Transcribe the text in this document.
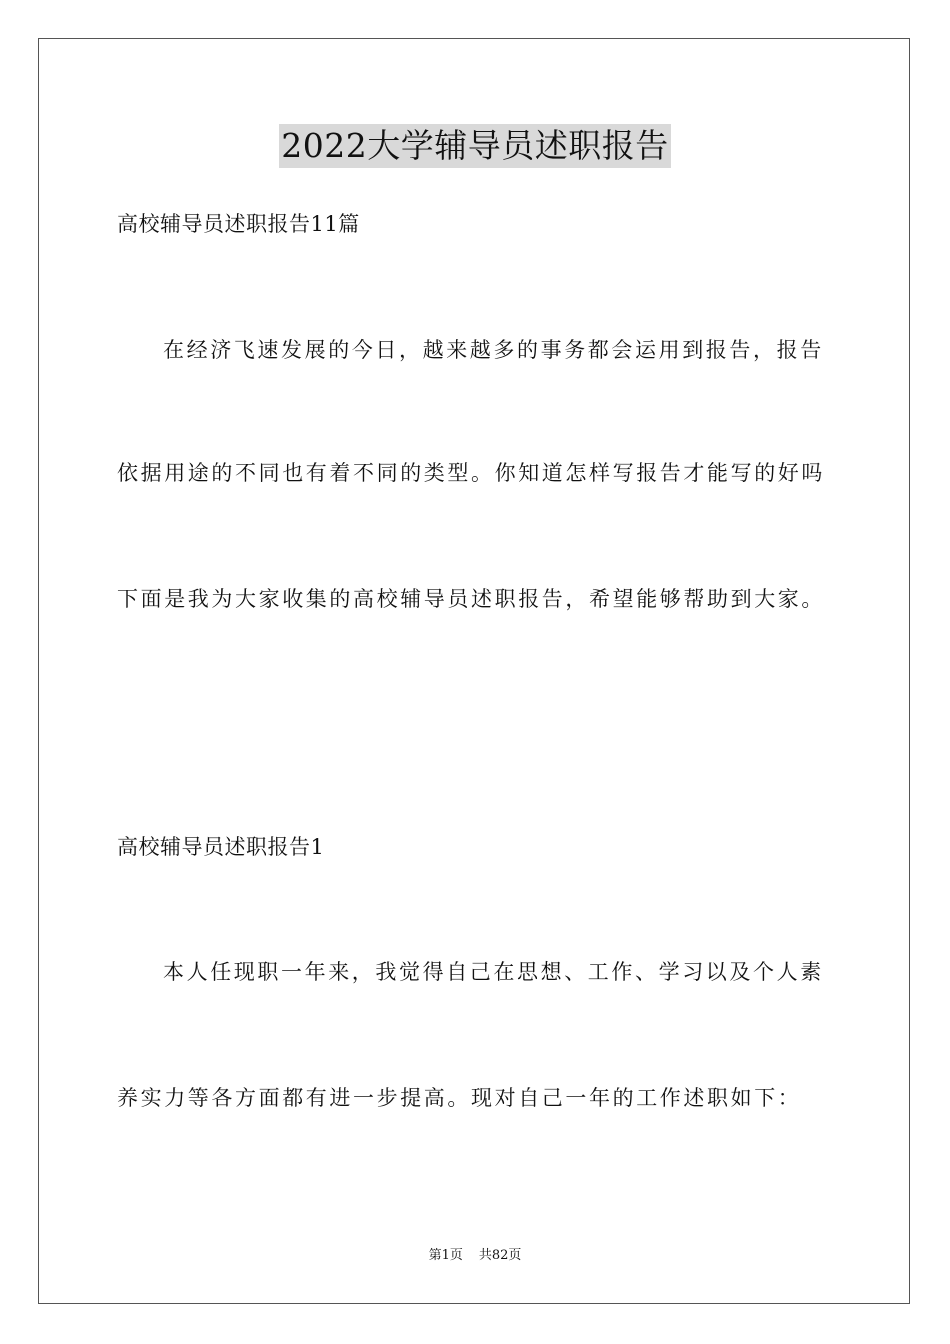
2022大学辅导员述职报告
高校辅导员述职报告11篇
在经济飞速发展的今日，越来越多的事务都会运用到报告，报告
依据用途的不同也有着不同的类型。你知道怎样写报告才能写的好吗
下面是我为大家收集的高校辅导员述职报告，希望能够帮助到大家。
高校辅导员述职报告1
本人任现职一年来，我觉得自己在思想、工作、学习以及个人素
养实力等各方面都有进一步提高。现对自己一年的工作述职如下：
第1页 共82页
